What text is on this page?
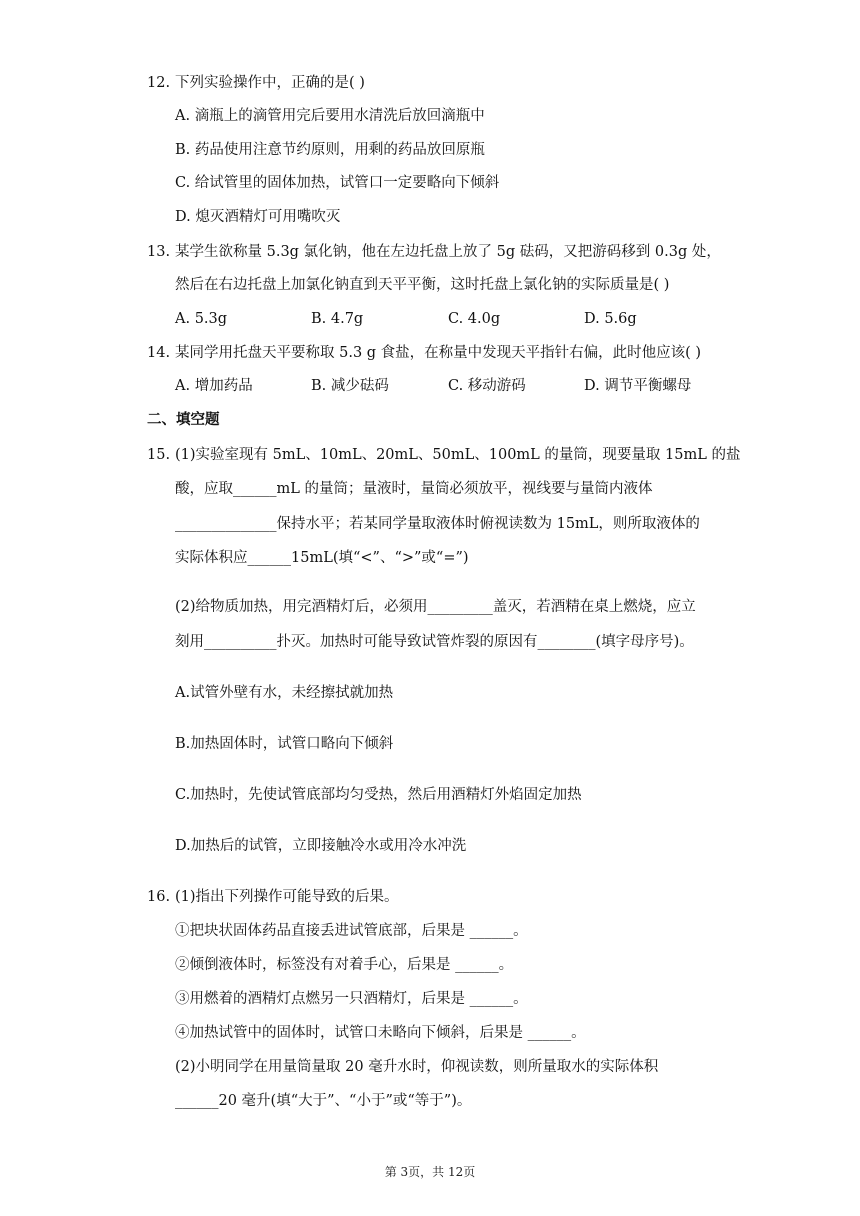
12. 下列实验操作中，正确的是( )
A. 滴瓶上的滴管用完后要用水清洗后放回滴瓶中
B. 药品使用注意节约原则，用剩的药品放回原瓶
C. 给试管里的固体加热，试管口一定要略向下倾斜
D. 熄灭酒精灯可用嘴吹灭
13. 某学生欲称量 5.3g 氯化钠，他在左边托盘上放了 5g 砝码，又把游码移到 0.3g 处，
然后在右边托盘上加氯化钠直到天平平衡，这时托盘上氯化钠的实际质量是( )
A. 5.3g	B. 4.7g	C. 4.0g	D. 5.6g
14. 某同学用托盘天平要称取 5.3 g 食盐，在称量中发现天平指针右偏，此时他应该( )
A. 增加药品	B. 减少砝码	C. 移动游码	D. 调节平衡螺母
二、填空题
15. (1)实验室现有 5mL、10mL、20mL、50mL、100mL 的量筒，现要量取 15mL 的盐
酸，应取______mL 的量筒；量液时，量筒必须放平，视线要与量筒内液体
______________保持水平；若某同学量取液体时俯视读数为 15mL，则所取液体的
实际体积应______15mL(填“<”、“>”或“=”)
(2)给物质加热，用完酒精灯后，必须用_________盖灭，若酒精在桌上燃烧，应立
刻用__________扑灭。加热时可能导致试管炸裂的原因有________(填字母序号)。
A.试管外壁有水，未经擦拭就加热
B.加热固体时，试管口略向下倾斜
C.加热时，先使试管底部均匀受热，然后用酒精灯外焰固定加热
D.加热后的试管，立即接触冷水或用冷水冲洗
16. (1)指出下列操作可能导致的后果。
①把块状固体药品直接丢进试管底部，后果是 ______。
②倾倒液体时，标签没有对着手心，后果是 ______。
③用燃着的酒精灯点燃另一只酒精灯，后果是 ______。
④加热试管中的固体时，试管口未略向下倾斜，后果是 ______。
(2)小明同学在用量筒量取 20 毫升水时，仰视读数，则所量取水的实际体积
______20 毫升(填“大于”、“小于”或“等于”)。
第 3页，共 12页
